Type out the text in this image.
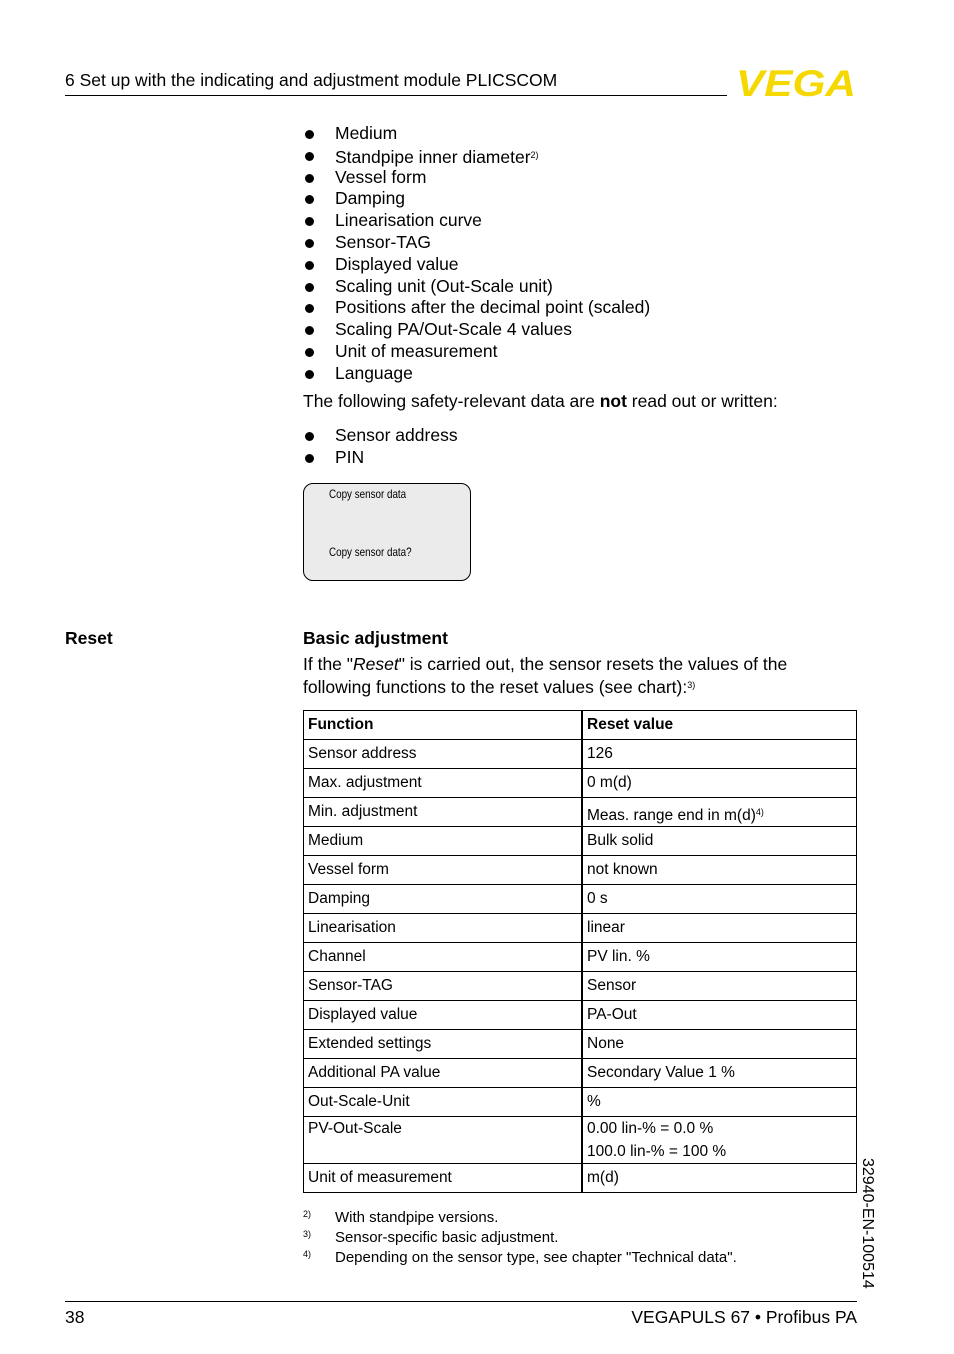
6 Set up with the indicating and adjustment module PLICSCOM	VEGA
Medium
Standpipe inner diameter$^{2)}$
Vessel form
Damping
Linearisation curve
Sensor-TAG
Displayed value
Scaling unit (Out-Scale unit)
Positions after the decimal point (scaled)
Scaling PA/Out-Scale 4 values
Unit of measurement
Language
The following safety-relevant data are not read out or written:
Sensor address
PIN
Copy sensor data
Copy sensor data?
Reset	Basic adjustment
If the "Reset" is carried out, the sensor resets the values of the following functions to the reset values (see chart):$^{3)}$
Function	Reset value
Sensor address	126
Max. adjustment	0 m(d)
Min. adjustment	Meas. range end in m(d)$^{4)}$
Medium	Bulk solid
Vessel form	not known
Damping	0 s
Linearisation	linear
Channel	PV lin. %
Sensor-TAG	Sensor
Displayed value	PA-Out
Extended settings	None
Additional PA value	Secondary Value 1 %
Out-Scale-Unit	%

PV-Out-Scale	0.00 lin-% = 0.0 %
100.0 lin-% = 100 %

Unit of measurement	m(d)
2) With standpipe versions.
3) Sensor-specific basic adjustment.
4) Depending on the sensor type, see chapter "Technical data".
38	VEGAPULS 67 • Profibus PA
32940-EN-100514
